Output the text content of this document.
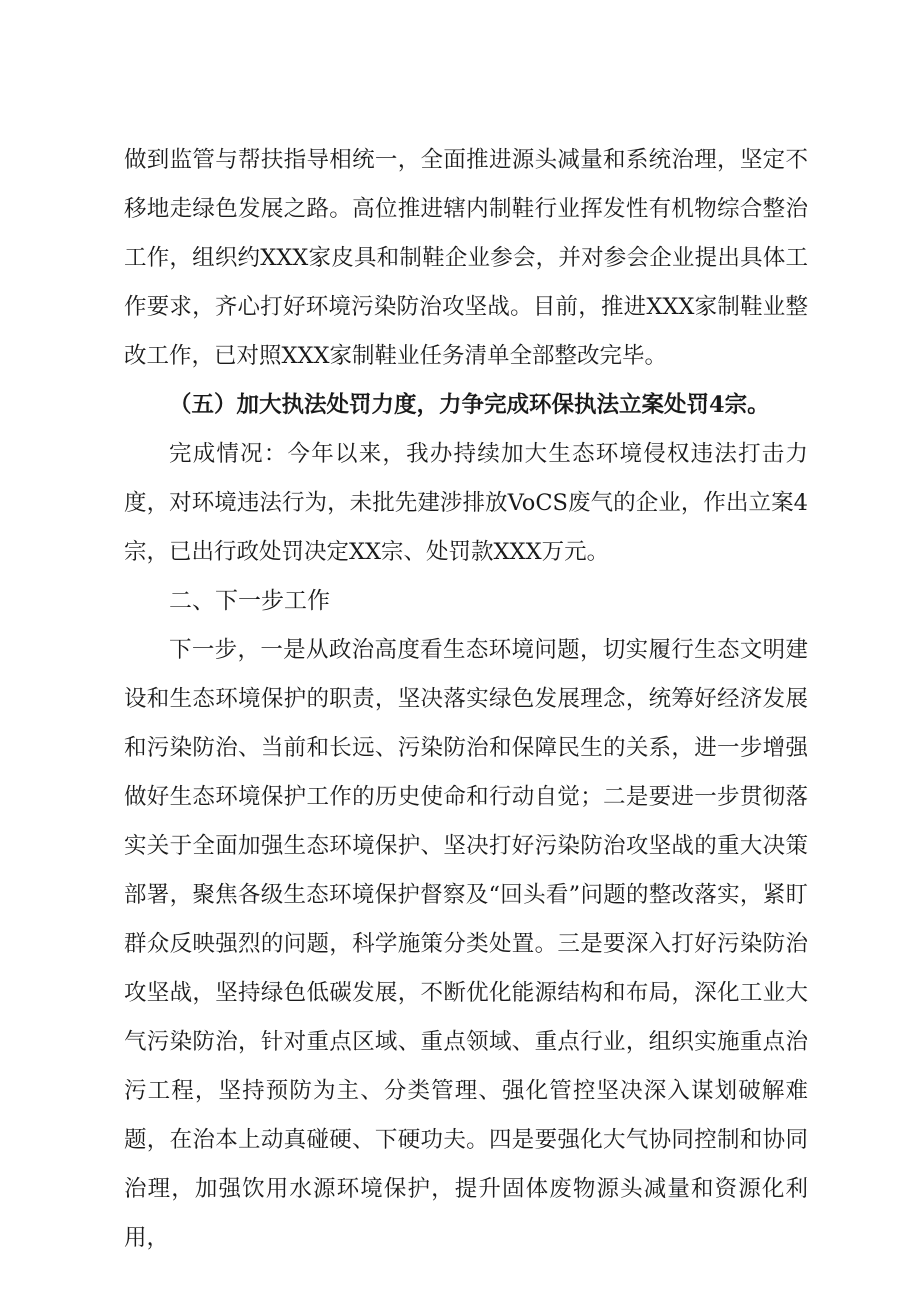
做到监管与帮扶指导相统一，全面推进源头减量和系统治理，坚定不移地走绿色发展之路。高位推进辖内制鞋行业挥发性有机物综合整治工作，组织约XXX家皮具和制鞋企业参会，并对参会企业提出具体工作要求，齐心打好环境污染防治攻坚战。目前，推进XXX家制鞋业整改工作，已对照XXX家制鞋业任务清单全部整改完毕。

（五）加大执法处罚力度，力争完成环保执法立案处罚4宗。

完成情况：今年以来，我办持续加大生态环境侵权违法打击力度，对环境违法行为，未批先建涉排放VoCS废气的企业，作出立案4宗，已出行政处罚决定XX宗、处罚款XXX万元。

二、下一步工作

下一步，一是从政治高度看生态环境问题，切实履行生态文明建设和生态环境保护的职责，坚决落实绿色发展理念，统筹好经济发展和污染防治、当前和长远、污染防治和保障民生的关系，进一步增强做好生态环境保护工作的历史使命和行动自觉；二是要进一步贯彻落实关于全面加强生态环境保护、坚决打好污染防治攻坚战的重大决策部署，聚焦各级生态环境保护督察及“回头看”问题的整改落实，紧盯群众反映强烈的问题，科学施策分类处置。三是要深入打好污染防治攻坚战，坚持绿色低碳发展，不断优化能源结构和布局，深化工业大气污染防治，针对重点区域、重点领域、重点行业，组织实施重点治污工程，坚持预防为主、分类管理、强化管控坚决深入谋划破解难题，在治本上动真碰硬、下硬功夫。四是要强化大气协同控制和协同治理，加强饮用水源环境保护，提升固体废物源头减量和资源化利用，
